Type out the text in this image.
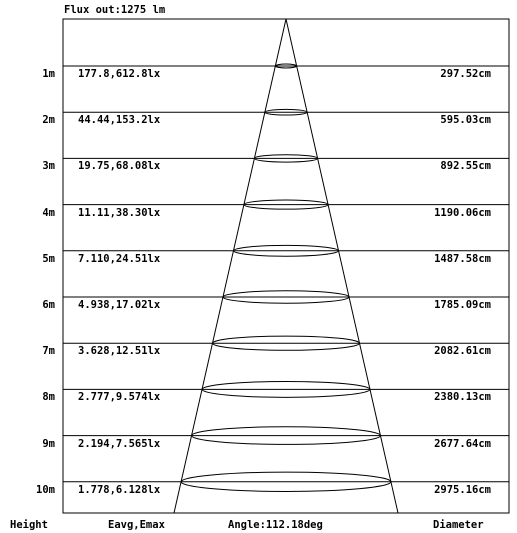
Flux out:1275 lm
1m 177.8,612.8lx	297.52cm
2m 44.44,153.2lx	595.03cm
3m 19.75,68.08lx	892.55cm
4m 11.11,38.30lx	1190.06cm
5m 7.110,24.51lx	1487.58cm
6m 4.938,17.02lx	1785.09cm
7m 3.628,12.51lx	2082.61cm
8m 2.777,9.574lx	2380.13cm
9m 2.194,7.565lx	2677.64cm
10m 1.778,6.128lx	2975.16cm
Height	Eavg,Emax	Angle:112.18deg	Diameter
